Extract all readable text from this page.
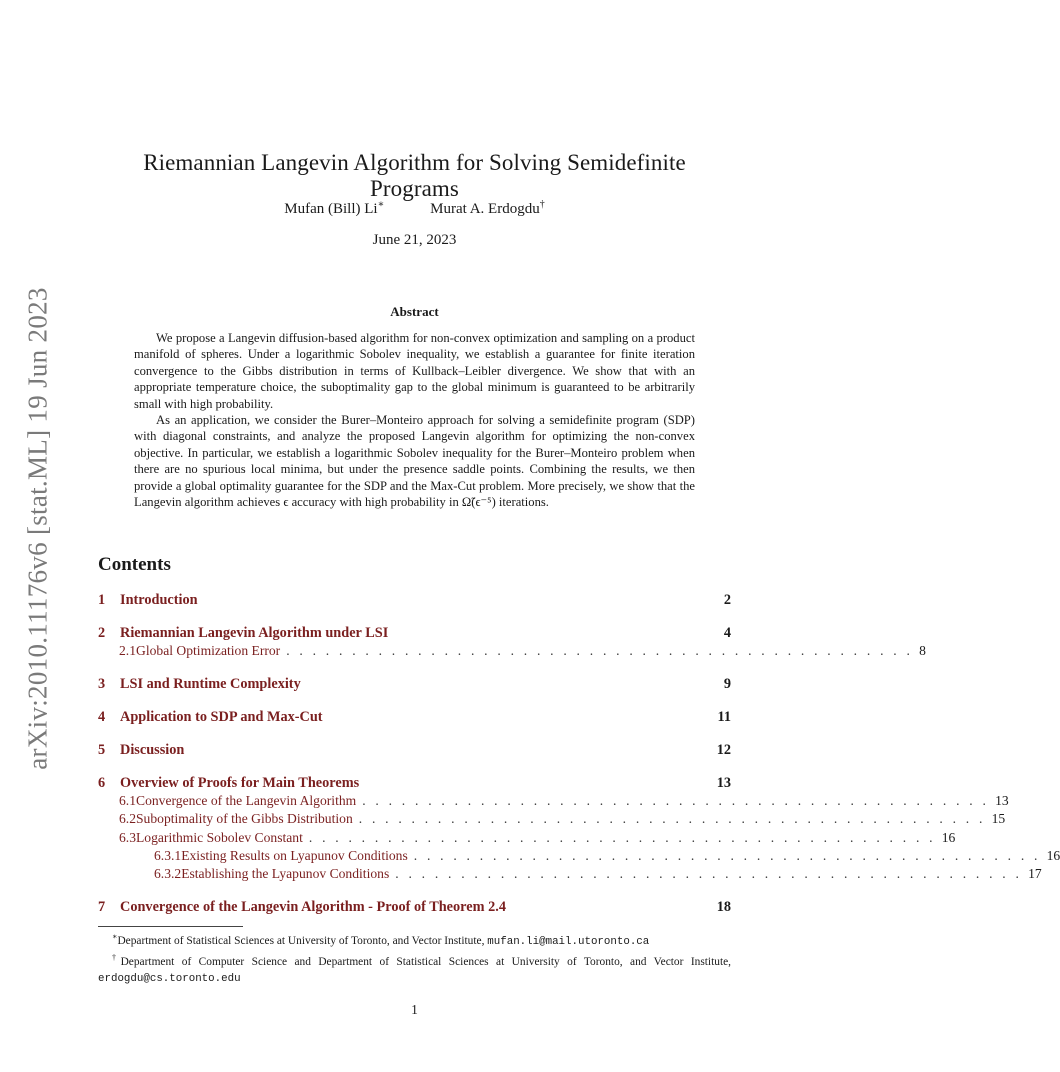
arXiv:2010.11176v6 [stat.ML] 19 Jun 2023
Riemannian Langevin Algorithm for Solving Semidefinite Programs
Mufan (Bill) Li∗	Murat A. Erdogdu†
June 21, 2023
Abstract

We propose a Langevin diffusion-based algorithm for non-convex optimization and sampling on a product manifold of spheres. Under a logarithmic Sobolev inequality, we establish a guarantee for finite iteration convergence to the Gibbs distribution in terms of Kullback–Leibler divergence. We show that with an appropriate temperature choice, the suboptimality gap to the global minimum is guaranteed to be arbitrarily small with high probability.

As an application, we consider the Burer–Monteiro approach for solving a semidefinite program (SDP) with diagonal constraints, and analyze the proposed Langevin algorithm for optimizing the non-convex objective. In particular, we establish a logarithmic Sobolev inequality for the Burer–Monteiro problem when there are no spurious local minima, but under the presence saddle points. Combining the results, we then provide a global optimality guarantee for the SDP and the Max-Cut problem. More precisely, we show that the Langevin algorithm achieves ϵ accuracy with high probability in Ω̃(ϵ⁻⁵) iterations.

Contents
1	Introduction	2
2	Riemannian Langevin Algorithm under LSI	4
2.1 Global Optimization Error . . . . . . . . . . . . . . . . . . . . . . . . . . . . . . . . . . . . . . . . . . . . . . . . 8
3	LSI and Runtime Complexity	9
4	Application to SDP and Max-Cut	11
5	Discussion	12
6	Overview of Proofs for Main Theorems	13
6.1 Convergence of the Langevin Algorithm . . . . . . . . . . . . . . . . . . . . . . . . . . . . . . . . . . . . . . . . . . . . . . . . 13
6.2 Suboptimality of the Gibbs Distribution . . . . . . . . . . . . . . . . . . . . . . . . . . . . . . . . . . . . . . . . . . . . . . . . 15
6.3 Logarithmic Sobolev Constant . . . . . . . . . . . . . . . . . . . . . . . . . . . . . . . . . . . . . . . . . . . . . . . . 16
6.3.1 Existing Results on Lyapunov Conditions . . . . . . . . . . . . . . . . . . . . . . . . . . . . . . . . . . . . . . . . . . . . . . . . 16
6.3.2 Establishing the Lyapunov Conditions . . . . . . . . . . . . . . . . . . . . . . . . . . . . . . . . . . . . . . . . . . . . . . . . 17
7	Convergence of the Langevin Algorithm - Proof of Theorem 2.4	18

∗Department of Statistical Sciences at University of Toronto, and Vector Institute, mufan.li@mail.utoronto.ca

†Department of Computer Science and Department of Statistical Sciences at University of Toronto, and Vector Institute, erdogdu@cs.toronto.edu

1
